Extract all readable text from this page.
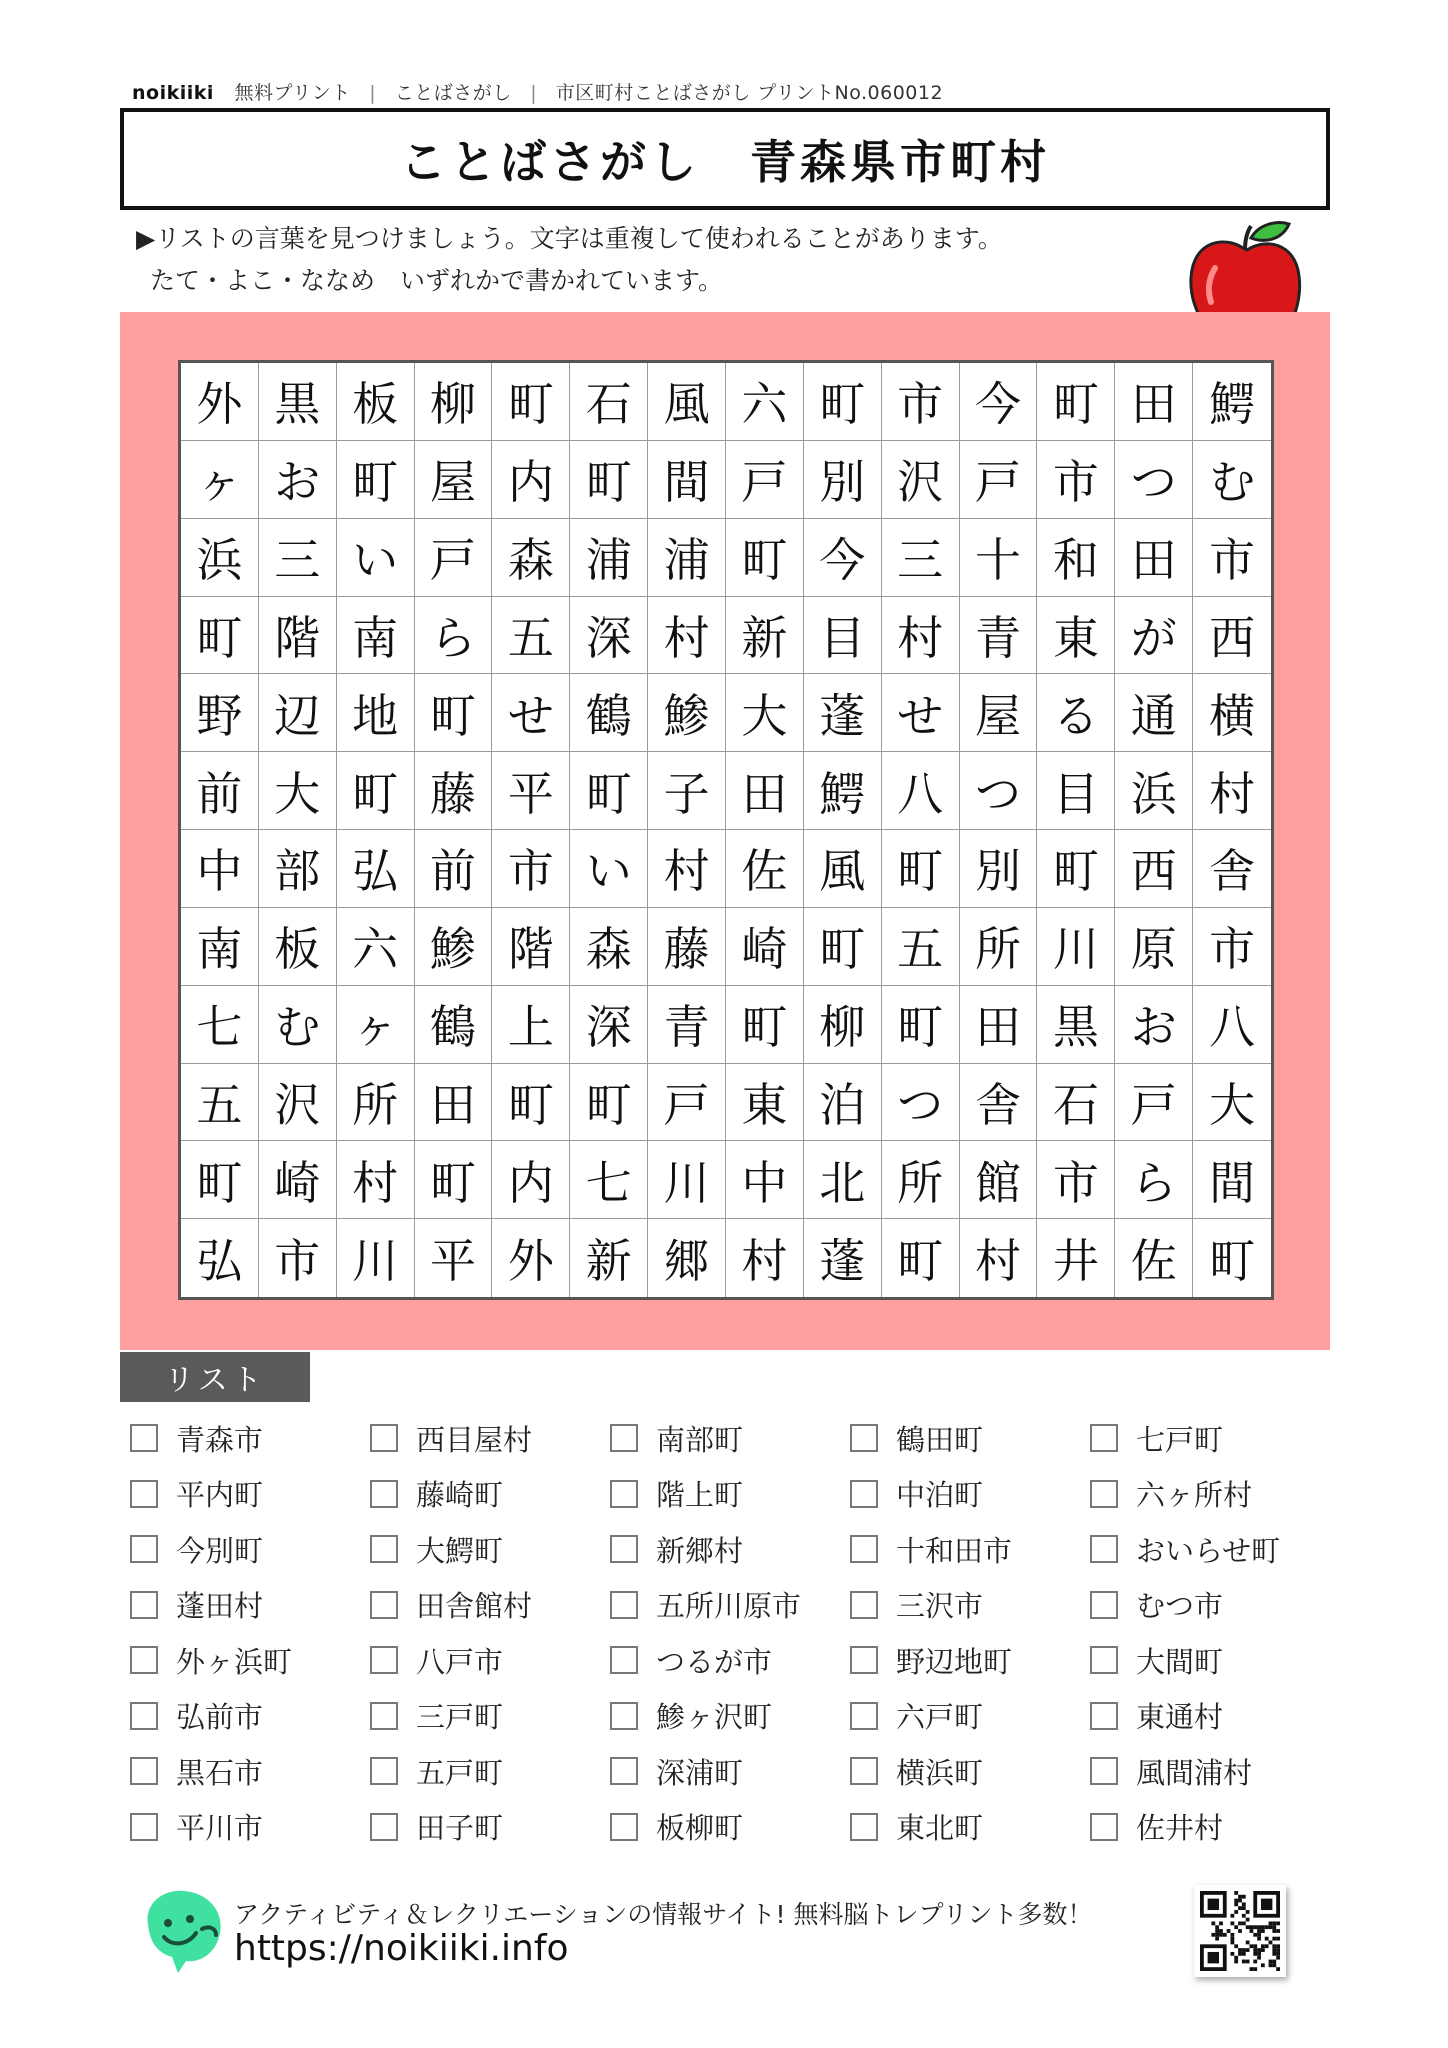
noikiiki 無料プリント | ことばさがし | 市区町村ことばさがし プリントNo.060012
ことばさがし　青森県市町村
▶リストの言葉を見つけましょう。文字は重複して使われることがあります。
たて・よこ・ななめ　いずれかで書かれています。
外 黒 板 柳 町 石 風 六 町 市 今 町 田 鰐
ヶ お 町 屋 内 町 間 戸 別 沢 戸 市 つ む
浜 三 い 戸 森 浦 浦 町 今 三 十 和 田 市
町 階 南 ら 五 深 村 新 目 村 青 東 が 西
野 辺 地 町 せ 鶴 鯵 大 蓬 せ 屋 る 通 横
前 大 町 藤 平 町 子 田 鰐 八 つ 目 浜 村
中 部 弘 前 市 い 村 佐 風 町 別 町 西 舎
南 板 六 鯵 階 森 藤 崎 町 五 所 川 原 市
七 む ヶ 鶴 上 深 青 町 柳 町 田 黒 お 八
五 沢 所 田 町 町 戸 東 泊 つ 舎 石 戸 大
町 崎 村 町 内 七 川 中 北 所 館 市 ら 間
弘 市 川 平 外 新 郷 村 蓬 町 村 井 佐 町
リスト
青森市
平内町
今別町
蓬田村
外ヶ浜町
弘前市
黒石市
平川市
西目屋村
藤崎町
大鰐町
田舎館村
八戸市
三戸町
五戸町
田子町
南部町
階上町
新郷村
五所川原市
つるが市
鯵ヶ沢町
深浦町
板柳町
鶴田町
中泊町
十和田市
三沢市
野辺地町
六戸町
横浜町
東北町
七戸町
六ヶ所村
おいらせ町
むつ市
大間町
東通村
風間浦村
佐井村
アクティビティ＆レクリエーションの情報サイト! 無料脳トレプリント多数！
https://noikiiki.info
